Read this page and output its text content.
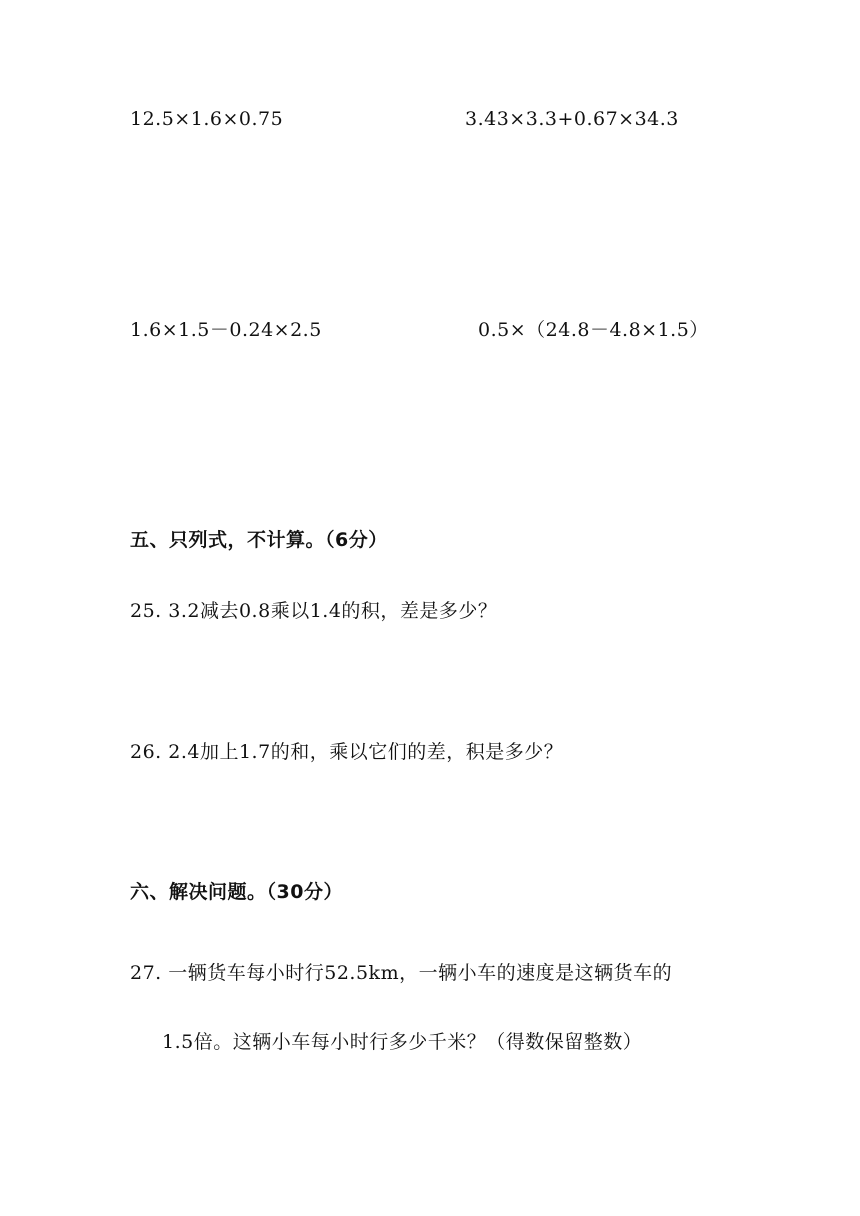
12.5×1.6×0.75	3.43×3.3+0.67×34.3
1.6×1.5－0.24×2.5	0.5×（24.8－4.8×1.5）
五、只列式，不计算。（6分）
25. 3.2减去0.8乘以1.4的积，差是多少？
26. 2.4加上1.7的和，乘以它们的差，积是多少？
六、解决问题。（30分）
27. 一辆货车每小时行52.5km，一辆小车的速度是这辆货车的
1.5倍。这辆小车每小时行多少千米？（得数保留整数）
